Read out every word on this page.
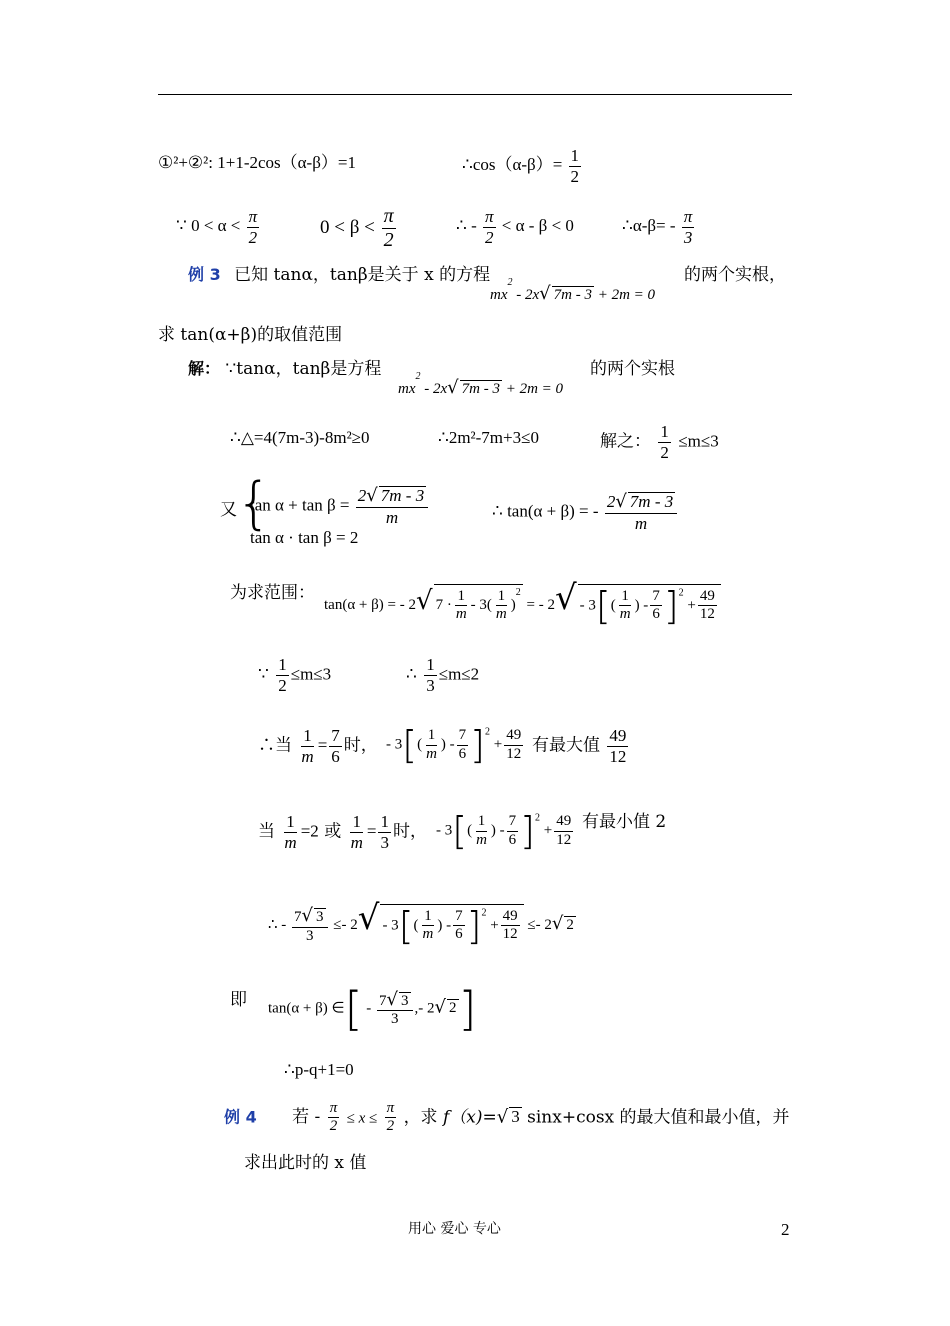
①²+②²: 1+1-2cos（α-β）=1	∴cos（α-β）= $\frac{1}{2}$
∵ $0 < \alpha < \frac{\pi}{2}$	$0 < \beta < \frac{\pi}{2}$	∴ - $\frac{\pi}{2} < \alpha - \beta < 0$	∴α-β= - $\frac{\pi}{3}$
例 3 已知 tanα，tanβ是关于 x 的方程
$mx^2 - 2x√$ 7m - 3 + 2m = 0
的两个实根，
求 tan(α+β)的取值范围
解： ∵tanα，tanβ是方程
$mx^2 - 2x√$ 7m - 3 + 2m = 0
的两个实根
∴△=4(7m-3)-8m²≥0	∴2m²-7m+3≤0	解之： $\frac{1}{2} \le m\le 3$
又 {
$\tan \alpha + \tan \beta = \frac{2√ 7m - 3}{m}$
tan α · tan β = 2
∴ tan(α + β) = - $\frac{2√ 7m - 3}{m}$
为求范围：
tan(α + β) = - 2√ $7 \cdot \frac{1}{m} - 3( \frac{1}{m} )^2$ = - $2√ - 3[( \frac{1}{m}$ ) - $\frac{7}{6} ]^2 + \frac{49}{12}$
∵ $\frac{1}{2} \le m\le 3$	∴ $\frac{1}{3} \le m\le 2$
∴当 $\frac{1}{m} = \frac{7}{6}$ 时， - $3[( \frac{1}{m}$ ) - $\frac{7}{6} ]^2 + \frac{49}{12}$ 有最大值 $\frac{49}{12}$
当 $\frac{1}{m} =2$ 或 $\frac{1}{m} = \frac{1}{3}$ 时， - $3[( \frac{1}{m}$ ) - $\frac{7}{6} ]^2 + \frac{49}{12}$ 有最小值 2
∴ - $\frac{7√ 3}{3} \le- 2√ - 3[( \frac{1}{m}$ ) - $\frac{7}{6} ]^2 + \frac{49}{12} \le- 2√$ 2
即 tan(α + β) ∈[ - $\frac{7√ 3}{3}$ ,- 2√ 2]
∴p-q+1=0
例 4 若 - $\frac{\pi}{2} \le x \le \frac{\pi}{2}$ ，求 f（x)=√ 3 sinx+cosx 的最大值和最小值，并
求出此时的 x 值
用心 爱心 专心	2
